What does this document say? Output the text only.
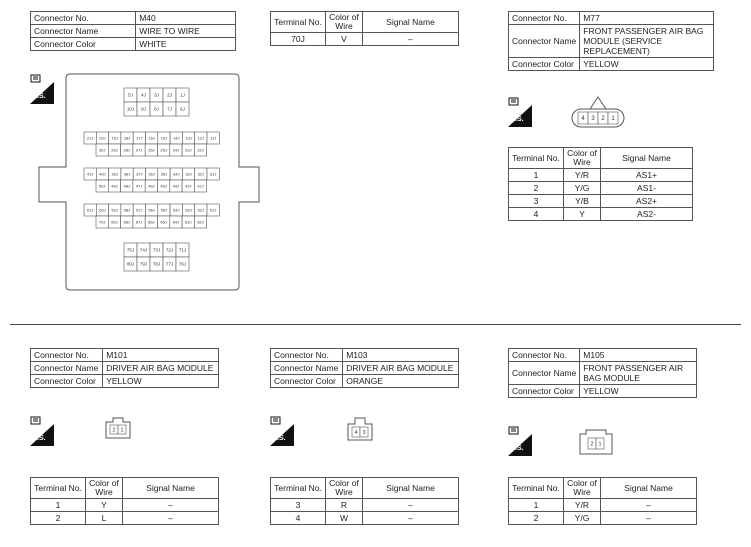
Connector No.	M40
Connector Name	WIRE TO WIRE
Connector Color	WHITE
H.S.	5J 4J 3J 2J 1J
10J 9J 8J 7J 6J
21J 20J 19J 18J 17J 16J 15J 14J 13J 12J 11J
30J 29J 28J 27J 26J 25J 24J 23J 22J
41J 40J 39J 38J 37J 36J 35J 34J 33J 32J 31J
50J 49J 48J 47J 46J 45J 44J 43J 42J
61J 60J 59J 58J 57J 56J 55J 54J 53J 52J 51J
70J 69J 68J 67J 66J 65J 64J 63J 62J
75J 74J 73J 72J 71J
80J 79J 78J 77J 76J
Terminal No.	Color of Wire	Signal Name
70J	V	–
Connector No.	M77
Connector Name	FRONT PASSENGER AIR BAG MODULE (SERVICE REPLACEMENT)
Connector Color	YELLOW
H.S.	4 3 2 1
Terminal No.	Color of Wire	Signal Name
1	Y/R	AS1+
2	Y/G	AS1-
3	Y/B	AS2+
4	Y	AS2-
Connector No.	M101
Connector Name	DRIVER AIR BAG MODULE
Connector Color	YELLOW
H.S.
2 1
Terminal No.	Color of Wire	Signal Name
1	Y	–
2	L	–
Connector No.	M103
Connector Name	DRIVER AIR BAG MODULE
Connector Color	ORANGE
H.S.
4 3
Terminal No.	Color of Wire	Signal Name
3	R	–
4	W	–
Connector No.	M105
Connector Name	FRONT PASSENGER AIR BAG MODULE
Connector Color	YELLOW
H.S.
2 1
Terminal No.	Color of Wire	Signal Name
1	Y/R	–
2	Y/G	–
